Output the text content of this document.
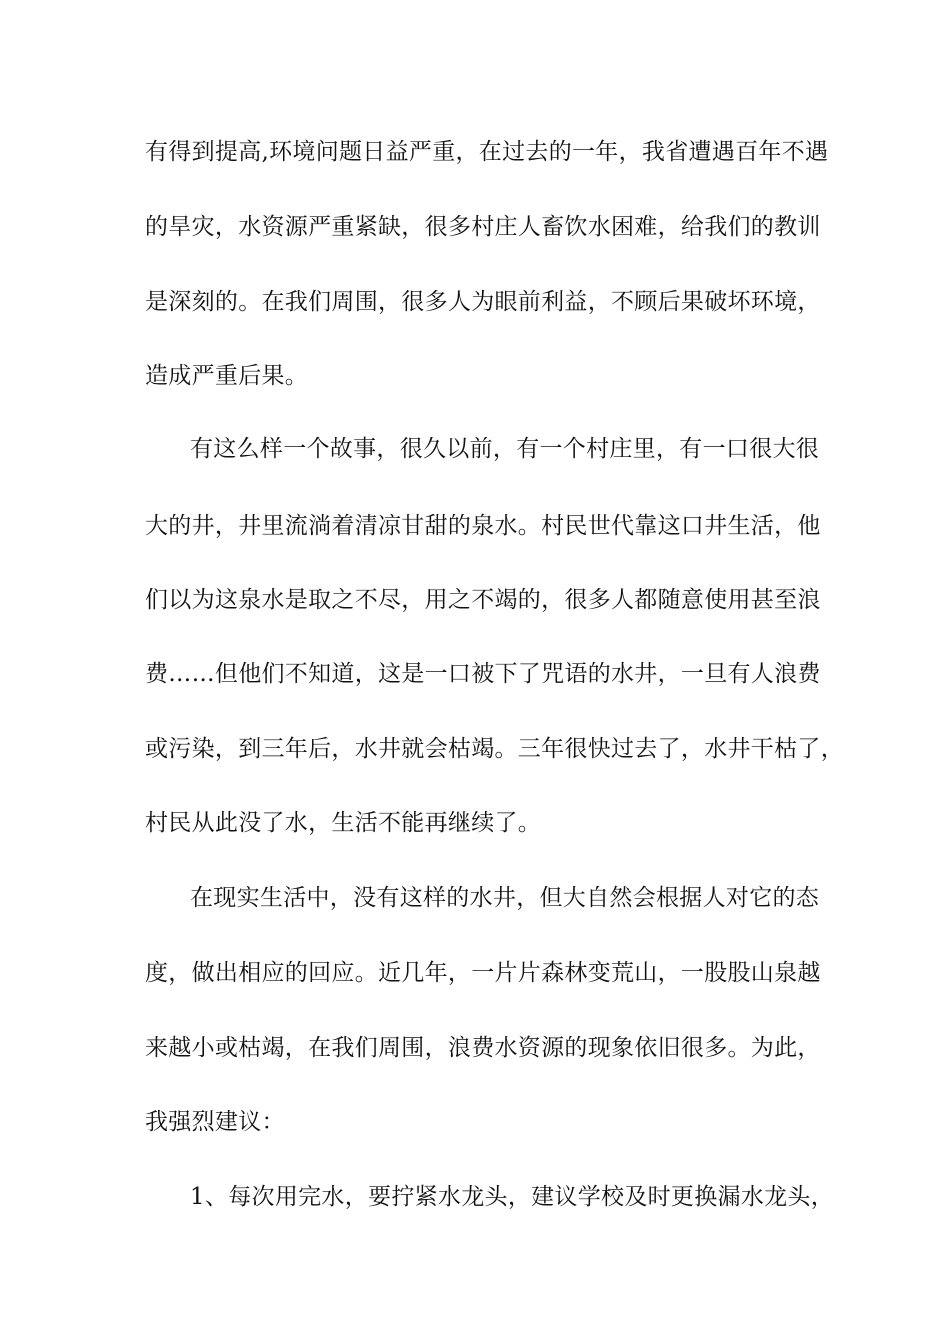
有得到提高,环境问题日益严重，在过去的一年，我省遭遇百年不遇
的旱灾，水资源严重紧缺，很多村庄人畜饮水困难，给我们的教训
是深刻的。在我们周围，很多人为眼前利益，不顾后果破坏环境，
造成严重后果。
有这么样一个故事，很久以前，有一个村庄里，有一口很大很
大的井，井里流淌着清凉甘甜的泉水。村民世代靠这口井生活，他
们以为这泉水是取之不尽，用之不竭的，很多人都随意使用甚至浪
费……但他们不知道，这是一口被下了咒语的水井，一旦有人浪费
或污染，到三年后，水井就会枯竭。三年很快过去了，水井干枯了，
村民从此没了水，生活不能再继续了。
在现实生活中，没有这样的水井，但大自然会根据人对它的态
度，做出相应的回应。近几年，一片片森林变荒山，一股股山泉越
来越小或枯竭，在我们周围，浪费水资源的现象依旧很多。为此，
我强烈建议：
1、每次用完水，要拧紧水龙头，建议学校及时更换漏水龙头，
